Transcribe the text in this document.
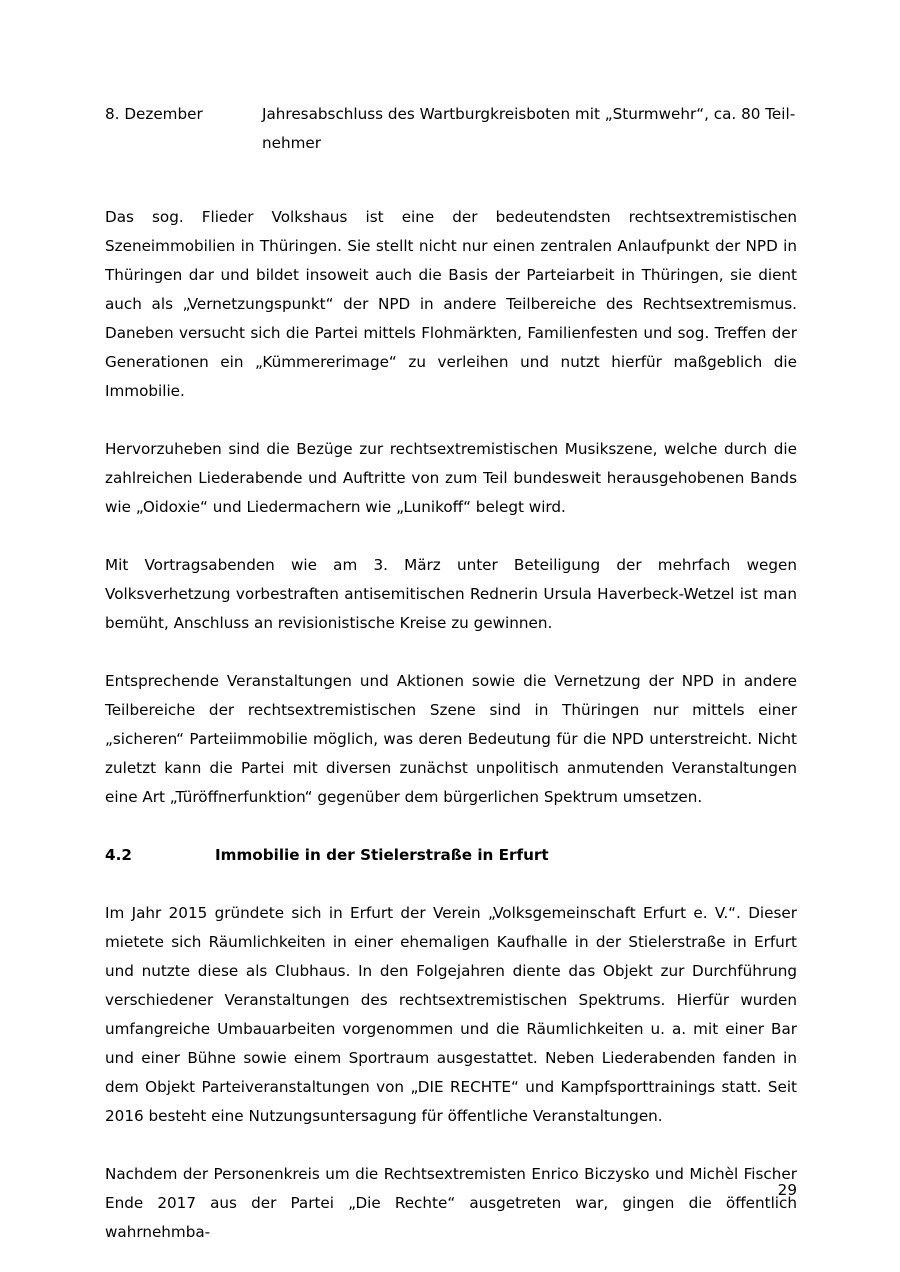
8. Dezember	Jahresabschluss des Wartburgkreisboten mit „Sturmwehr“, ca. 80 Teil-
nehmer

Das sog. Flieder Volkshaus ist eine der bedeutendsten rechtsextremistischen Szeneimmobilien in Thüringen. Sie stellt nicht nur einen zentralen Anlaufpunkt der NPD in Thüringen dar und bildet insoweit auch die Basis der Parteiarbeit in Thüringen, sie dient auch als „Vernetzungspunkt“ der NPD in andere Teilbereiche des Rechtsextremismus. Daneben versucht sich die Partei mittels Flohmärkten, Familienfesten und sog. Treffen der Generationen ein „Kümmererimage“ zu verleihen und nutzt hierfür maßgeblich die Immobilie.

Hervorzuheben sind die Bezüge zur rechtsextremistischen Musikszene, welche durch die zahlreichen Liederabende und Auftritte von zum Teil bundesweit herausgehobenen Bands wie „Oidoxie“ und Liedermachern wie „Lunikoff“ belegt wird.

Mit Vortragsabenden wie am 3. März unter Beteiligung der mehrfach wegen Volksverhetzung vorbestraften antisemitischen Rednerin Ursula Haverbeck-Wetzel ist man bemüht, Anschluss an revisionistische Kreise zu gewinnen.

Entsprechende Veranstaltungen und Aktionen sowie die Vernetzung der NPD in andere Teilbereiche der rechtsextremistischen Szene sind in Thüringen nur mittels einer „sicheren“ Parteiimmobilie möglich, was deren Bedeutung für die NPD unterstreicht. Nicht zuletzt kann die Partei mit diversen zunächst unpolitisch anmutenden Veranstaltungen eine Art „Türöffnerfunktion“ gegenüber dem bürgerlichen Spektrum umsetzen.

4.2	Immobilie in der Stielerstraße in Erfurt

Im Jahr 2015 gründete sich in Erfurt der Verein „Volksgemeinschaft Erfurt e. V.“. Dieser mietete sich Räumlichkeiten in einer ehemaligen Kaufhalle in der Stielerstraße in Erfurt und nutzte diese als Clubhaus. In den Folgejahren diente das Objekt zur Durchführung verschiedener Veranstaltungen des rechtsextremistischen Spektrums. Hierfür wurden umfangreiche Umbauarbeiten vorgenommen und die Räumlichkeiten u. a. mit einer Bar und einer Bühne sowie einem Sportraum ausgestattet. Neben Liederabenden fanden in dem Objekt Parteiveranstaltungen von „DIE RECHTE“ und Kampfsporttrainings statt. Seit 2016 besteht eine Nutzungsuntersagung für öffentliche Veranstaltungen.

Nachdem der Personenkreis um die Rechtsextremisten Enrico Biczysko und Michèl Fischer Ende 2017 aus der Partei „Die Rechte“ ausgetreten war, gingen die öffentlich wahrnehmba-

29
